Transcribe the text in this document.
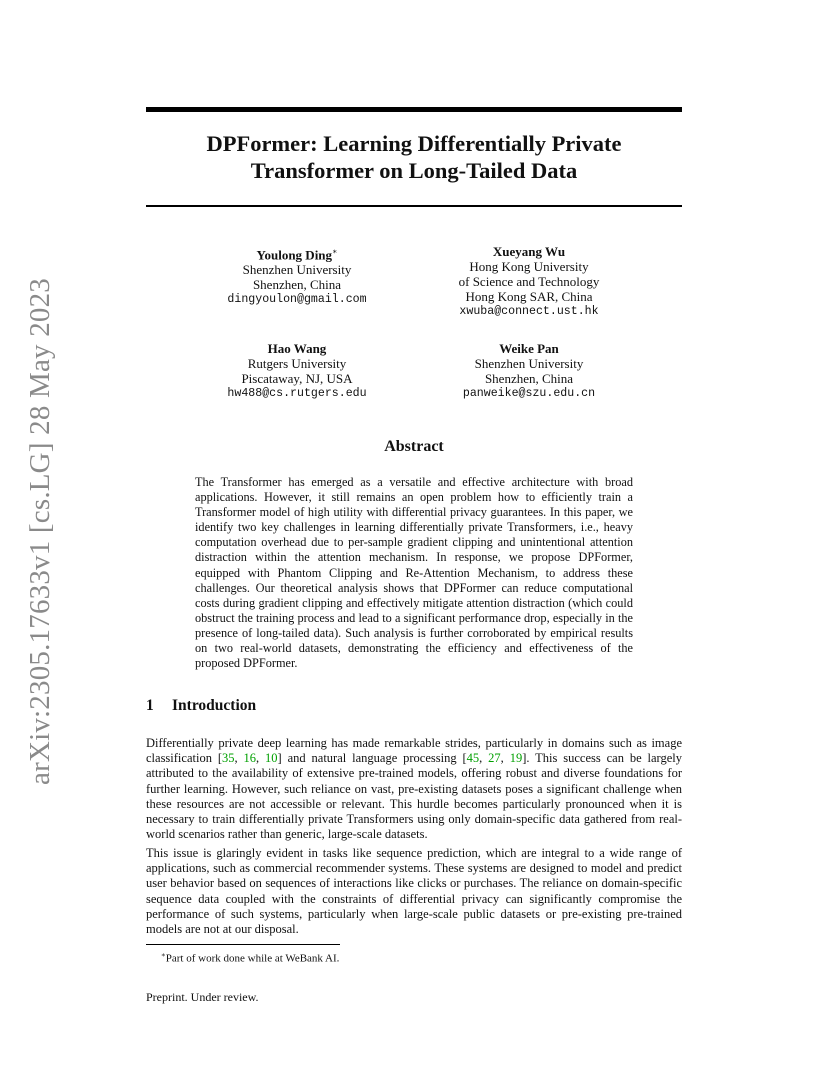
arXiv:2305.17633v1 [cs.LG] 28 May 2023
DPFormer: Learning Differentially Private
Transformer on Long-Tailed Data
Youlong Ding∗
Shenzhen University
Shenzhen, China
dingyoulon@gmail.com
Xueyang Wu
Hong Kong University
of Science and Technology
Hong Kong SAR, China
xwuba@connect.ust.hk
Hao Wang
Rutgers University
Piscataway, NJ, USA
hw488@cs.rutgers.edu
Weike Pan
Shenzhen University
Shenzhen, China
panweike@szu.edu.cn
Abstract

The Transformer has emerged as a versatile and effective architecture with broad applications. However, it still remains an open problem how to efficiently train a Transformer model of high utility with differential privacy guarantees. In this paper, we identify two key challenges in learning differentially private Transformers, i.e., heavy computation overhead due to per-sample gradient clipping and unintentional attention distraction within the attention mechanism. In response, we propose DPFormer, equipped with Phantom Clipping and Re-Attention Mechanism, to address these challenges. Our theoretical analysis shows that DPFormer can reduce computational costs during gradient clipping and effectively mitigate attention distraction (which could obstruct the training process and lead to a significant performance drop, especially in the presence of long-tailed data). Such analysis is further corroborated by empirical results on two real-world datasets, demonstrating the efficiency and effectiveness of the proposed DPFormer.

1 Introduction

Differentially private deep learning has made remarkable strides, particularly in domains such as image classification [35, 16, 10] and natural language processing [45, 27, 19]. This success can be largely attributed to the availability of extensive pre-trained models, offering robust and diverse foundations for further learning. However, such reliance on vast, pre-existing datasets poses a significant challenge when these resources are not accessible or relevant. This hurdle becomes particularly pronounced when it is necessary to train differentially private Transformers using only domain-specific data gathered from real-world scenarios rather than generic, large-scale datasets.

This issue is glaringly evident in tasks like sequence prediction, which are integral to a wide range of applications, such as commercial recommender systems. These systems are designed to model and predict user behavior based on sequences of interactions like clicks or purchases. The reliance on domain-specific sequence data coupled with the constraints of differential privacy can significantly compromise the performance of such systems, particularly when large-scale public datasets or pre-existing pre-trained models are not at our disposal.

∗Part of work done while at WeBank AI.
Preprint. Under review.
